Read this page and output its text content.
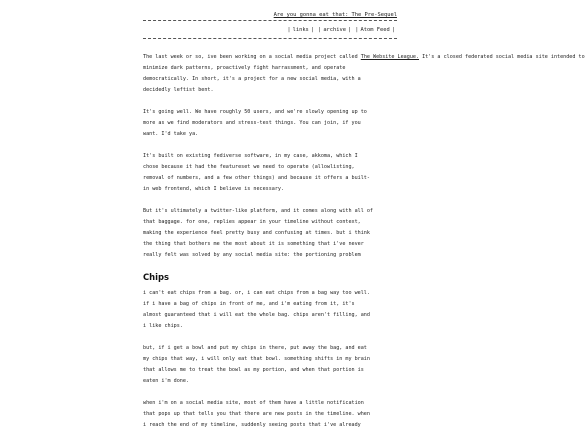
Are you gonna eat that: The Pre-Sequel
| links | | archive | | Atom Feed |

The last week or so, ive been working on a social media project called The Website League. It's a closed federated social media site intended to
minimize dark patterns, proactively fight harrassment, and operate
democratically. In short, it's a project for a new social media, with a
decidedly leftist bent.

It's going well. We have roughly 50 users, and we're slowly opening up to
more as we find moderators and stress-test things. You can join, if you
want. I'd take ya.

It's built on existing fediverse software, in my case, akkoma, which I
chose because it had the featureset we need to operate (allowlisting,
removal of numbers, and a few other things) and because it offers a built-
in web frontend, which I believe is necessary.

But it's ultimately a twitter-like platform, and it comes along with all of
that baggage. for one, replies appear in your timeline without context,
making the experience feel pretty busy and confusing at times. but i think
the thing that bothers me the most about it is something that i've never
really felt was solved by any social media site: the portioning problem

Chips

i can't eat chips from a bag. or, i can eat chips from a bag way too well.
if i have a bag of chips in front of me, and i'm eating from it, it's
almost guaranteed that i will eat the whole bag. chips aren't filling, and
i like chips.

but, if i get a bowl and put my chips in there, put away the bag, and eat
my chips that way, i will only eat that bowl. something shifts in my brain
that allows me to treat the bowl as my portion, and when that portion is
eaten i'm done.

when i'm on a social media site, most of them have a little notification
that pops up that tells you that there are new posts in the timeline. when
i reach the end of my timeline, suddenly seeing posts that i've already
